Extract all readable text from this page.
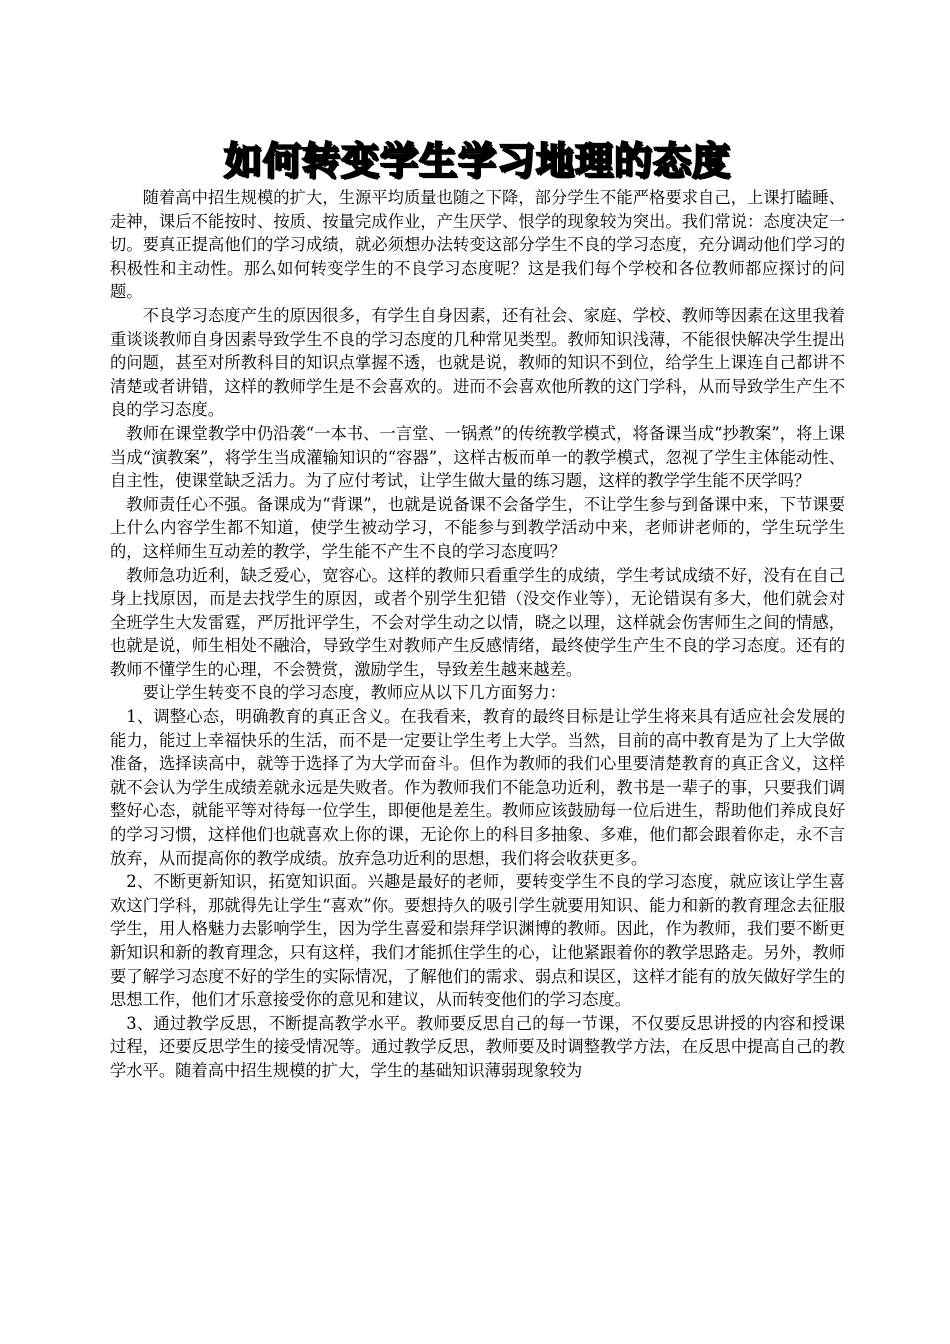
如何转变学生学习地理的态度

随着高中招生规模的扩大，生源平均质量也随之下降，部分学生不能严格要求自己，上课打瞌睡、走神，课后不能按时、按质、按量完成作业，产生厌学、恨学的现象较为突出。我们常说：态度决定一切。要真正提高他们的学习成绩，就必须想办法转变这部分学生不良的学习态度，充分调动他们学习的积极性和主动性。那么如何转变学生的不良学习态度呢？这是我们每个学校和各位教师都应探讨的问题。

不良学习态度产生的原因很多，有学生自身因素，还有社会、家庭、学校、教师等因素在这里我着重谈谈教师自身因素导致学生不良的学习态度的几种常见类型。教师知识浅薄，不能很快解决学生提出的问题，甚至对所教科目的知识点掌握不透，也就是说，教师的知识不到位，给学生上课连自己都讲不清楚或者讲错，这样的教师学生是不会喜欢的。进而不会喜欢他所教的这门学科，从而导致学生产生不良的学习态度。

教师在课堂教学中仍沿袭“一本书、一言堂、一锅煮”的传统教学模式，将备课当成“抄教案”，将上课当成“演教案”，将学生当成灌输知识的“容器”，这样古板而单一的教学模式，忽视了学生主体能动性、自主性，使课堂缺乏活力。为了应付考试，让学生做大量的练习题，这样的教学学生能不厌学吗？

教师责任心不强。备课成为“背课”，也就是说备课不会备学生，不让学生参与到备课中来，下节课要上什么内容学生都不知道，使学生被动学习，不能参与到教学活动中来，老师讲老师的，学生玩学生的，这样师生互动差的教学，学生能不产生不良的学习态度吗？

教师急功近利，缺乏爱心，宽容心。这样的教师只看重学生的成绩，学生考试成绩不好，没有在自己身上找原因，而是去找学生的原因，或者个别学生犯错（没交作业等），无论错误有多大，他们就会对全班学生大发雷霆，严厉批评学生，不会对学生动之以情，晓之以理，这样就会伤害师生之间的情感，也就是说，师生相处不融洽，导致学生对教师产生反感情绪，最终使学生产生不良的学习态度。还有的教师不懂学生的心理，不会赞赏，激励学生，导致差生越来越差。

要让学生转变不良的学习态度，教师应从以下几方面努力：

1、调整心态，明确教育的真正含义。在我看来，教育的最终目标是让学生将来具有适应社会发展的能力，能过上幸福快乐的生活，而不是一定要让学生考上大学。当然，目前的高中教育是为了上大学做准备，选择读高中，就等于选择了为大学而奋斗。但作为教师的我们心里要清楚教育的真正含义，这样就不会认为学生成绩差就永远是失败者。作为教师我们不能急功近利，教书是一辈子的事，只要我们调整好心态，就能平等对待每一位学生，即便他是差生。教师应该鼓励每一位后进生，帮助他们养成良好的学习习惯，这样他们也就喜欢上你的课，无论你上的科目多抽象、多难，他们都会跟着你走，永不言放弃，从而提高你的教学成绩。放弃急功近利的思想，我们将会收获更多。

2、不断更新知识，拓宽知识面。兴趣是最好的老师，要转变学生不良的学习态度，就应该让学生喜欢这门学科，那就得先让学生“喜欢”你。要想持久的吸引学生就要用知识、能力和新的教育理念去征服学生，用人格魅力去影响学生，因为学生喜爱和崇拜学识渊博的教师。因此，作为教师，我们要不断更新知识和新的教育理念，只有这样，我们才能抓住学生的心，让他紧跟着你的教学思路走。另外，教师要了解学习态度不好的学生的实际情况，了解他们的需求、弱点和误区，这样才能有的放矢做好学生的思想工作，他们才乐意接受你的意见和建议，从而转变他们的学习态度。

3、通过教学反思，不断提高教学水平。教师要反思自己的每一节课，不仅要反思讲授的内容和授课过程，还要反思学生的接受情况等。通过教学反思，教师要及时调整教学方法，在反思中提高自己的教学水平。随着高中招生规模的扩大，学生的基础知识薄弱现象较为
